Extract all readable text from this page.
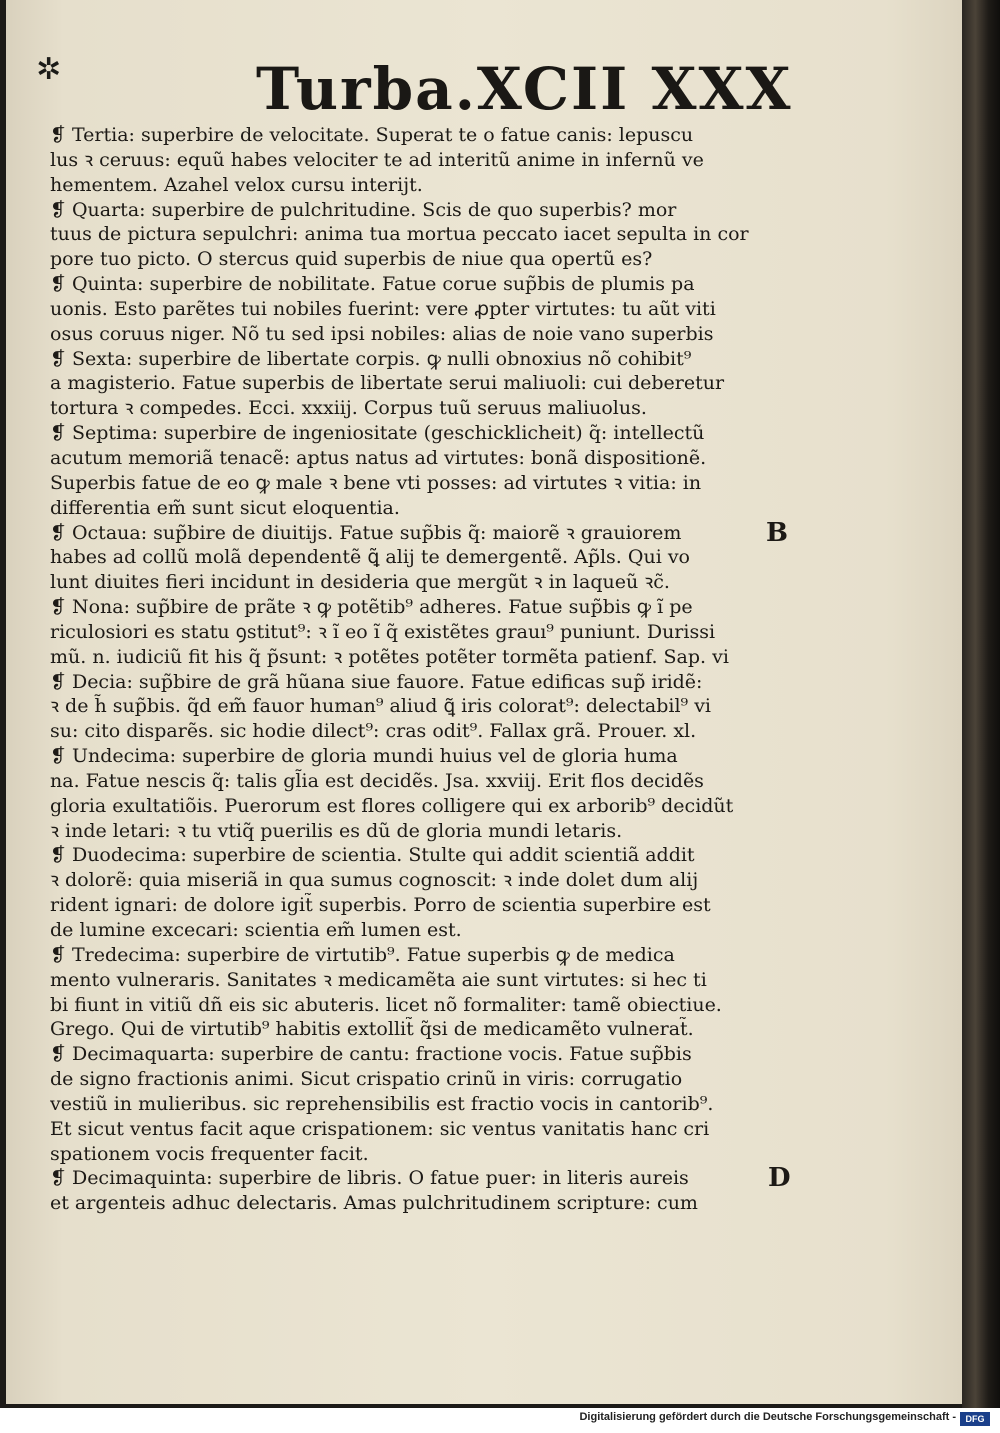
✲	Turba.XCII XXX
❡ Tertia: superbire de velocitate. Superat te o fatue canis: lepuscu
lus ꝛ ceruus: equũ habes velociter te ad interitũ anime in infernũ ve
hementem. Azahel velox cursu interijt.
❡ Quarta: superbire de pulchritudine. Scis de quo superbis? mor
tuus de pictura sepulchri: anima tua mortua peccato iacet sepulta in cor
pore tuo picto. O stercus quid superbis de niue qua opertũ es?
❡ Quinta: superbire de nobilitate. Fatue corue sup̃bis de plumis pa
uonis. Esto parẽtes tui nobiles fuerint: vere ꝓpter virtutes: tu aũt viti
osus coruus niger. Nõ tu sed ipsi nobiles: alias de noie vano superbis
❡ Sexta: superbire de libertate corpis. ꝙ nulli obnoxius nõ cohibit⁹
a magisterio. Fatue superbis de libertate serui maliuoli: cui deberetur
tortura ꝛ compedes. Ecci. xxxiij. Corpus tuũ seruus maliuolus.
❡ Septima: superbire de ingeniositate (geschicklicheit) q̃: intellectũ
acutum memoriã tenacẽ: aptus natus ad virtutes: bonã dispositionẽ.
Superbis fatue de eo ꝙ male ꝛ bene vti posses: ad virtutes ꝛ vitia: in
differentia em̃ sunt sicut eloquentia.
❡ Octaua: sup̃bire de diuitijs. Fatue sup̃bis q̃: maiorẽ ꝛ grauiorem
habes ad collũ molã dependentẽ ꝗ̃ alij te demergentẽ. Ap̃ls. Qui vo
lunt diuites fieri incidunt in desideria que mergũt ꝛ in laqueũ ꝛc̃.
❡ Nona: sup̃bire de prãte ꝛ ꝙ potẽtib⁹ adheres. Fatue sup̃bis ꝙ ĩ pe
riculosiori es statu ꝯstitut⁹: ꝛ ĩ eo ĩ q̃ existẽtes grauı⁹ puniunt. Durissi
mũ. n. iudiciũ fit his q̃ p̃sunt: ꝛ potẽtes potẽter tormẽta patienf. Sap. vi
❡ Decia: sup̃bire de grã hũana siue fauore. Fatue edificas sup̃ iridẽ:
ꝛ de h̃ sup̃bis. q̃d em̃ fauor human⁹ aliud ꝗ̃ iris colorat⁹: delectabil⁹ vi
su: cito disparẽs. sic hodie dilect⁹: cras odit⁹. Fallax grã. Prouer. xl.
❡ Undecima: superbire de gloria mundi huius vel de gloria huma
na. Fatue nescis q̃: talis gl̃ia est decidẽs. Jsa. xxviij. Erit flos decidẽs
gloria exultatiõis. Puerorum est flores colligere qui ex arborib⁹ decidũt
ꝛ inde letari: ꝛ tu vtiq̃ puerilis es dũ de gloria mundi letaris.
❡ Duodecima: superbire de scientia. Stulte qui addit scientiã addit
ꝛ dolorẽ: quia miseriã in qua sumus cognoscit: ꝛ inde dolet dum alij
rident ignari: de dolore igit̃ superbis. Porro de scientia superbire est
de lumine excecari: scientia em̃ lumen est.
❡ Tredecima: superbire de virtutib⁹. Fatue superbis ꝙ de medica
mento vulneraris. Sanitates ꝛ medicamẽta aie sunt virtutes: si hec ti
bi fiunt in vitiũ dñ eis sic abuteris. licet nõ formaliter: tamẽ obiectiue.
Grego. Qui de virtutib⁹ habitis extollit̃ q̃si de medicamẽto vulnerat̃.
❡ Decimaquarta: superbire de cantu: fractione vocis. Fatue sup̃bis
de signo fractionis animi. Sicut crispatio crinũ in viris: corrugatio
vestiũ in mulieribus. sic reprehensibilis est fractio vocis in cantorib⁹.
Et sicut ventus facit aque crispationem: sic ventus vanitatis hanc cri
spationem vocis frequenter facit.
❡ Decimaquinta: superbire de libris. O fatue puer: in literis aureis
et argenteis adhuc delectaris. Amas pulchritudinem scripture: cum
B
D
Digitalisierung gefördert durch die Deutsche Forschungsgemeinschaft -	DFG
